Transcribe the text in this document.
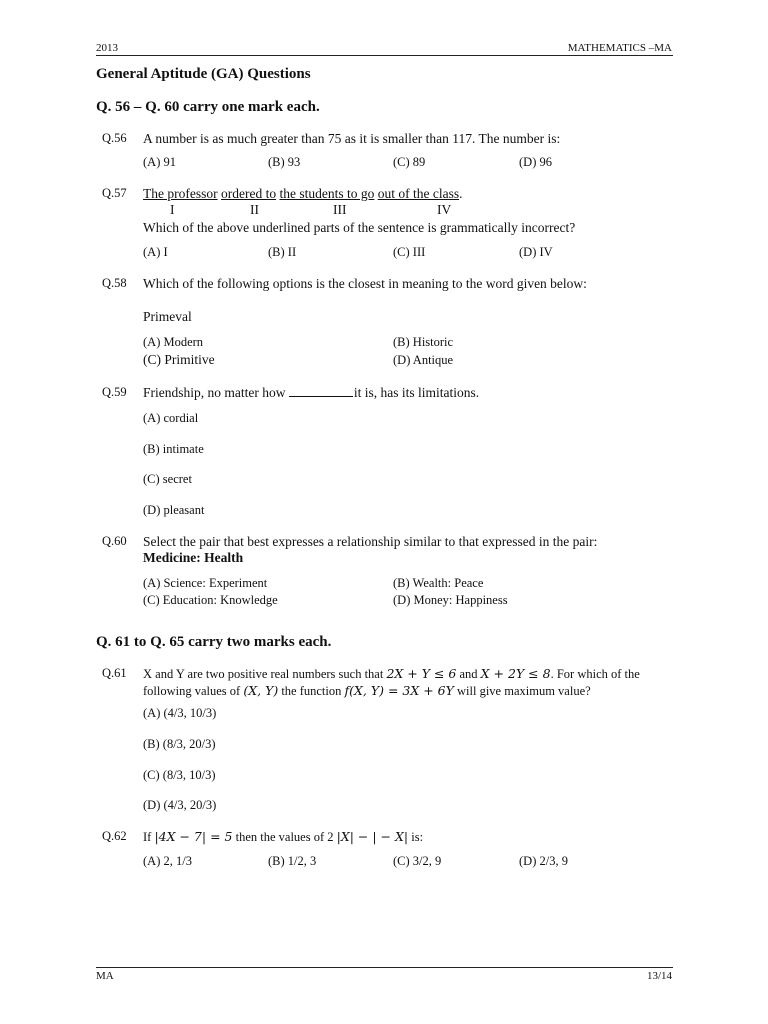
2013	MATHEMATICS –MA
General Aptitude (GA) Questions
Q. 56 – Q. 60 carry one mark each.
Q.56 A number is as much greater than 75 as it is smaller than 117. The number is:
(A) 91	(B) 93	(C) 89	(D) 96
Q.57 The professor ordered to the students to go out of the class.
I	II	III	IV
Which of the above underlined parts of the sentence is grammatically incorrect?
(A) I	(B) II	(C) III	(D) IV
Q.58 Which of the following options is the closest in meaning to the word given below:
Primeval
(A) Modern	(B) Historic
(C) Primitive	(D) Antique
Q.59 Friendship, no matter how	it is, has its limitations.
(A) cordial
(B) intimate
(C) secret
(D) pleasant
Q.60 Select the pair that best expresses a relationship similar to that expressed in the pair:
Medicine: Health
(A) Science: Experiment	(B) Wealth: Peace
(C) Education: Knowledge	(D) Money: Happiness
Q. 61 to Q. 65 carry two marks each.
Q.61 X and Y are two positive real numbers such that 2X + Y ≤ 6 and X + 2Y ≤ 8. For which of the
following values of (X, Y) the function f(X, Y) = 3X + 6Y will give maximum value?
(A) (4/3, 10/3)
(B) (8/3, 20/3)
(C) (8/3, 10/3)
(D) (4/3, 20/3)
Q.62 If |4X − 7| = 5 then the values of 2 |X| − | − X| is:
(A) 2, 1/3	(B) 1/2, 3	(C) 3/2, 9	(D) 2/3, 9
MA	13/14
